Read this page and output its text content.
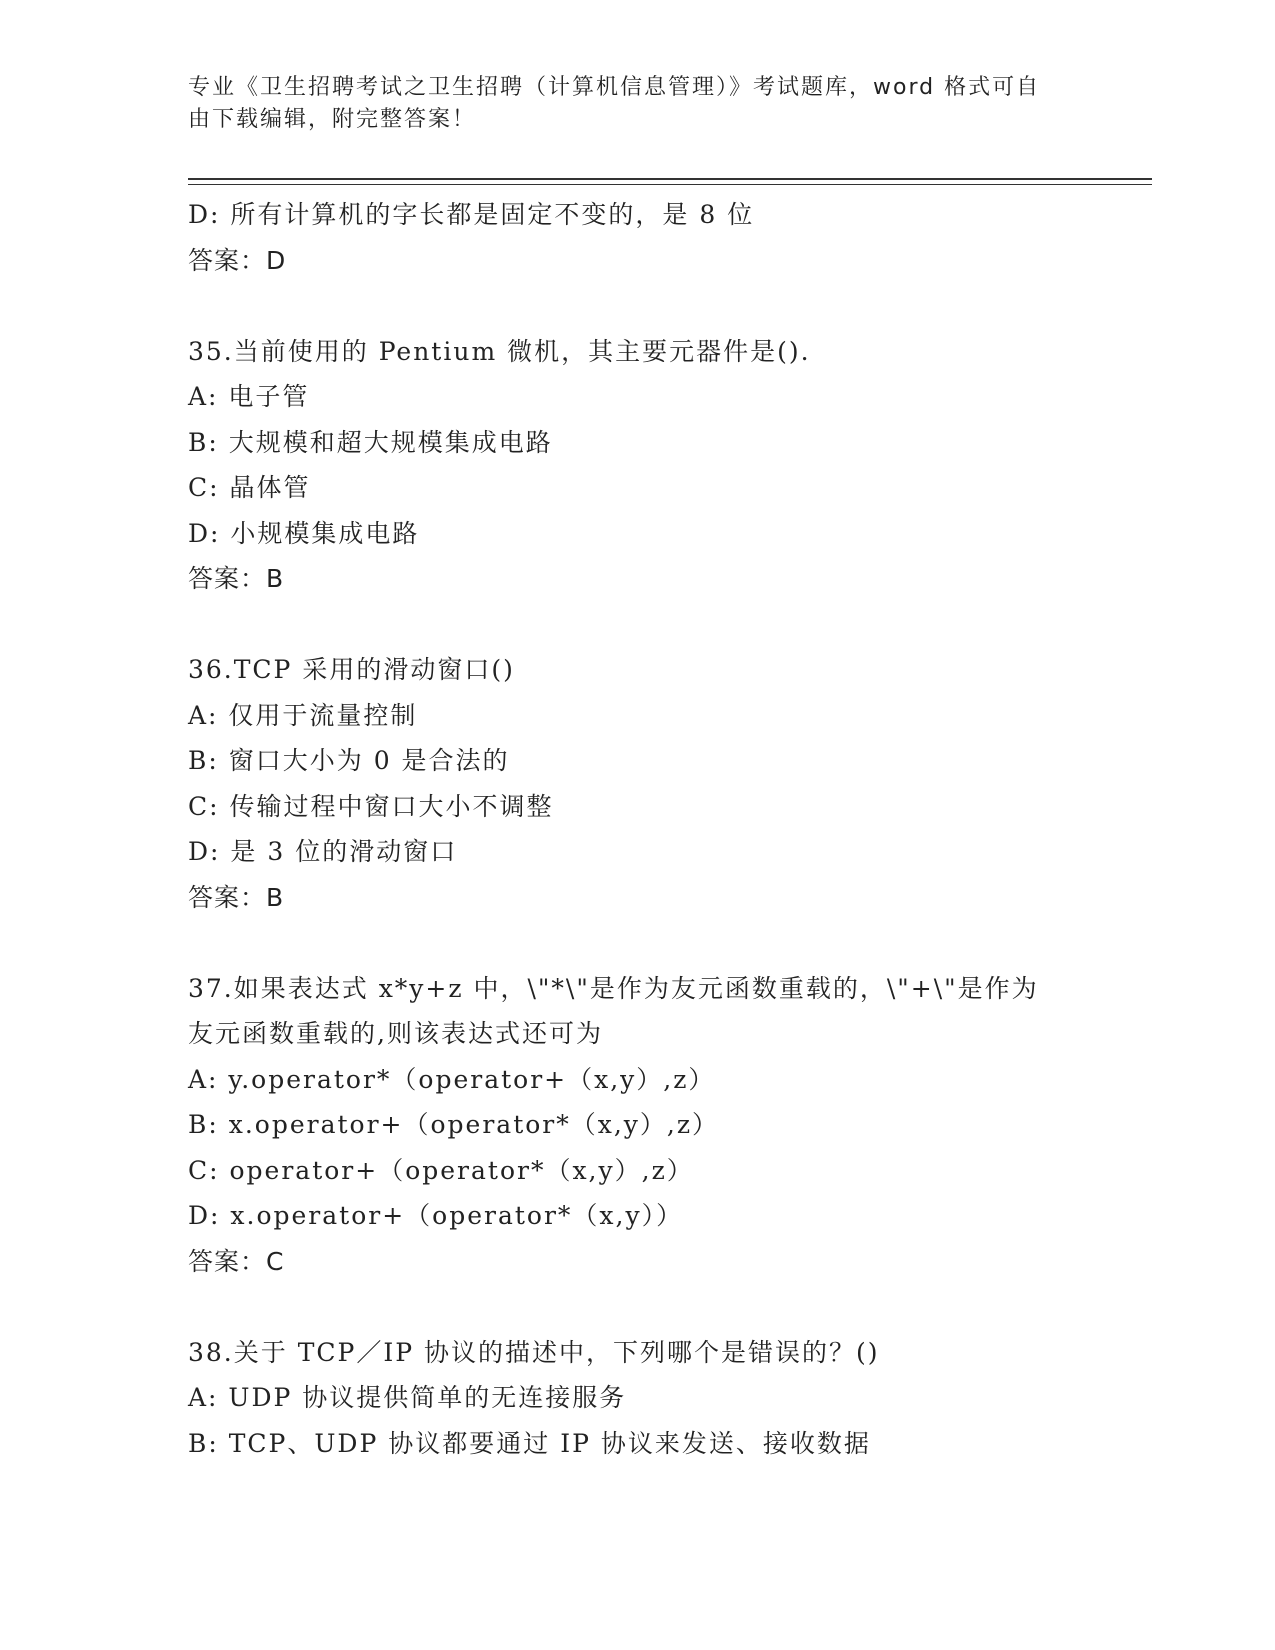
专业《卫生招聘考试之卫生招聘（计算机信息管理）》考试题库，word 格式可自
由下载编辑，附完整答案！
D: 所有计算机的字长都是固定不变的，是 8 位
答案：D
35.当前使用的 Pentium 微机，其主要元器件是().
A: 电子管
B: 大规模和超大规模集成电路
C: 晶体管
D: 小规模集成电路
答案：B
36.TCP 采用的滑动窗口()
A: 仅用于流量控制
B: 窗口大小为 0 是合法的
C: 传输过程中窗口大小不调整
D: 是 3 位的滑动窗口
答案：B
37.如果表达式 x*y+z 中，\"*\"是作为友元函数重载的，\"+\"是作为
友元函数重载的,则该表达式还可为
A: y.operator*（operator+（x,y）,z）
B: x.operator+（operator*（x,y）,z）
C: operator+（operator*（x,y）,z）
D: x.operator+（operator*（x,y））
答案：C
38.关于 TCP／IP 协议的描述中，下列哪个是错误的？()
A: UDP 协议提供简单的无连接服务
B: TCP、UDP 协议都要通过 IP 协议来发送、接收数据
